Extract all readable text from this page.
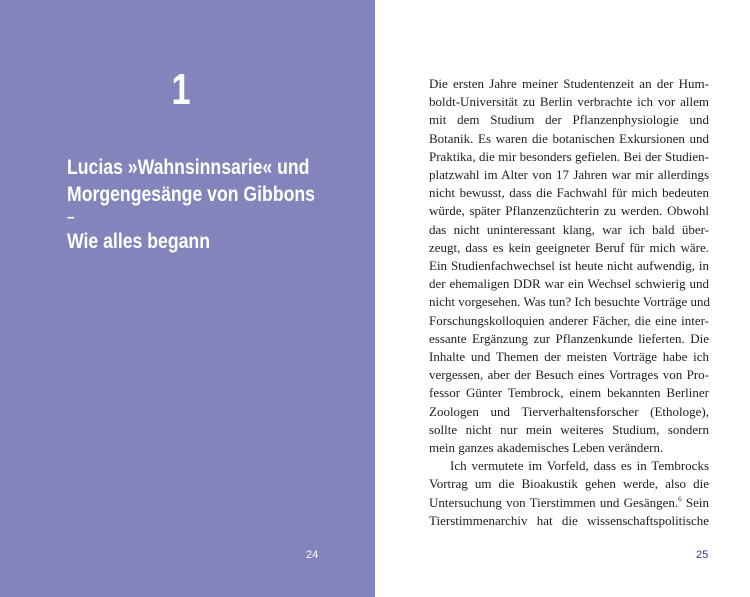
1
Lucias »Wahnsinnsarie« und
Morgengesänge von Gibbons
–
Wie alles begann
24
Die ersten Jahre meiner Studentenzeit an der Hum-
boldt-Universität zu Berlin verbrachte ich vor allem
mit dem Studium der Pflanzenphysiologie und
Botanik. Es waren die botanischen Exkursionen und
Praktika, die mir besonders gefielen. Bei der Studien-
platzwahl im Alter von 17 Jahren war mir allerdings
nicht bewusst, dass die Fachwahl für mich bedeuten
würde, später Pflanzenzüchterin zu werden. Obwohl
das nicht uninteressant klang, war ich bald über-
zeugt, dass es kein geeigneter Beruf für mich wäre.
Ein Studienfachwechsel ist heute nicht aufwendig, in
der ehemaligen DDR war ein Wechsel schwierig und
nicht vorgesehen. Was tun? Ich besuchte Vorträge und
Forschungskolloquien anderer Fächer, die eine inter-
essante Ergänzung zur Pflanzenkunde lieferten. Die
Inhalte und Themen der meisten Vorträge habe ich
vergessen, aber der Besuch eines Vortrages von Pro-
fessor Günter Tembrock, einem bekannten Berliner
Zoologen und Tierverhaltensforscher (Ethologe),
sollte nicht nur mein weiteres Studium, sondern
mein ganzes akademisches Leben verändern.
Ich vermutete im Vorfeld, dass es in Tembrocks
Vortrag um die Bioakustik gehen werde, also die
Untersuchung von Tierstimmen und Gesängen.$^6$ Sein
Tierstimmenarchiv hat die wissenschaftspolitische
25
